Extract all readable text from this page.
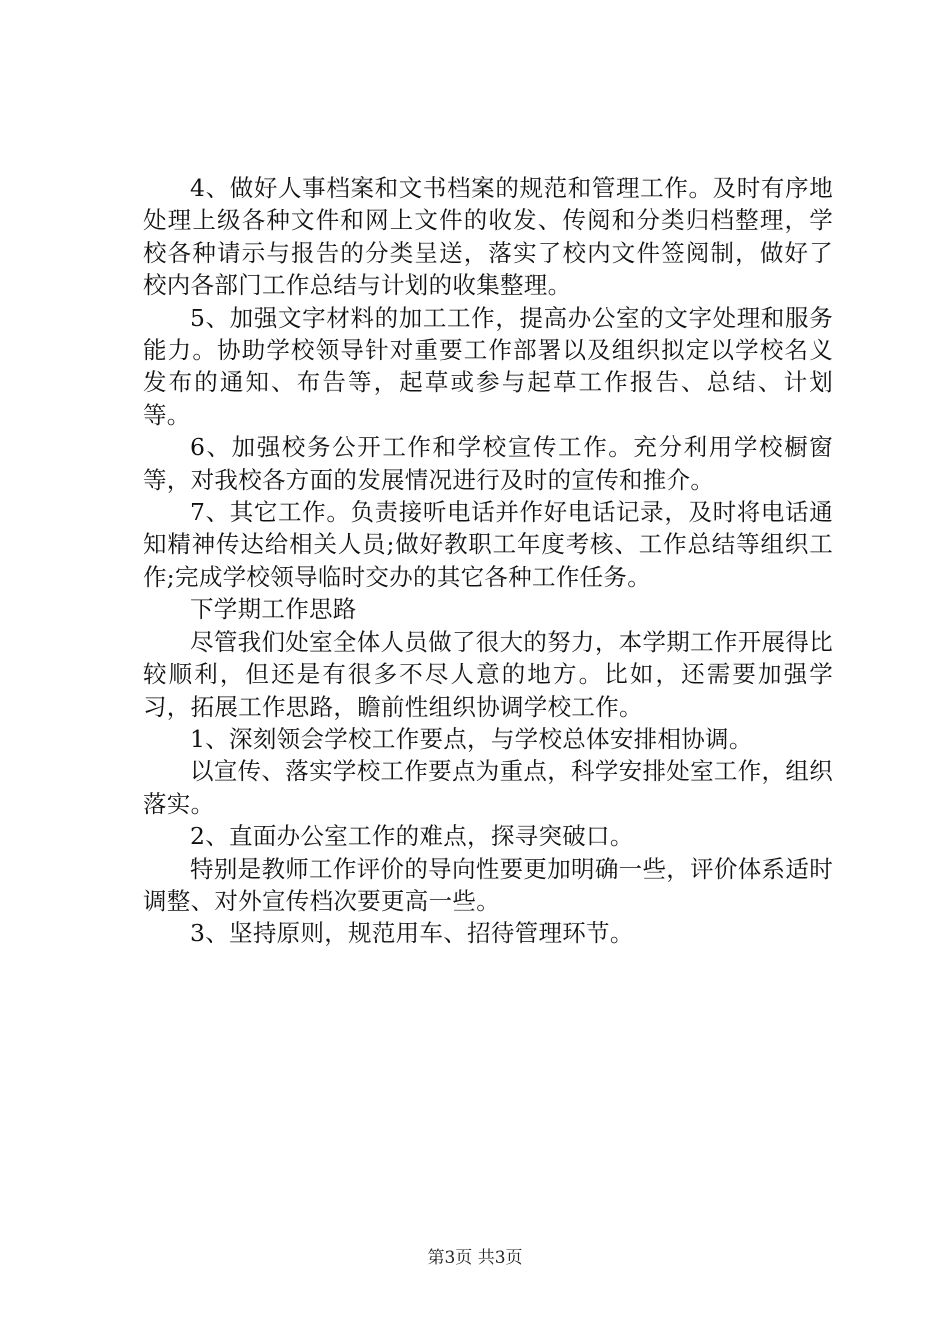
4、做好人事档案和文书档案的规范和管理工作。及时有序地处理上级各种文件和网上文件的收发、传阅和分类归档整理，学校各种请示与报告的分类呈送，落实了校内文件签阅制，做好了校内各部门工作总结与计划的收集整理。

5、加强文字材料的加工工作，提高办公室的文字处理和服务能力。协助学校领导针对重要工作部署以及组织拟定以学校名义发布的通知、布告等，起草或参与起草工作报告、总结、计划等。

6、加强校务公开工作和学校宣传工作。充分利用学校橱窗等，对我校各方面的发展情况进行及时的宣传和推介。

7、其它工作。负责接听电话并作好电话记录，及时将电话通知精神传达给相关人员;做好教职工年度考核、工作总结等组织工作;完成学校领导临时交办的其它各种工作任务。

下学期工作思路

尽管我们处室全体人员做了很大的努力，本学期工作开展得比较顺利，但还是有很多不尽人意的地方。比如，还需要加强学习，拓展工作思路，瞻前性组织协调学校工作。

1、深刻领会学校工作要点，与学校总体安排相协调。

以宣传、落实学校工作要点为重点，科学安排处室工作，组织落实。

2、直面办公室工作的难点，探寻突破口。

特别是教师工作评价的导向性要更加明确一些，评价体系适时调整、对外宣传档次要更高一些。

3、坚持原则，规范用车、招待管理环节。

第3页 共3页
